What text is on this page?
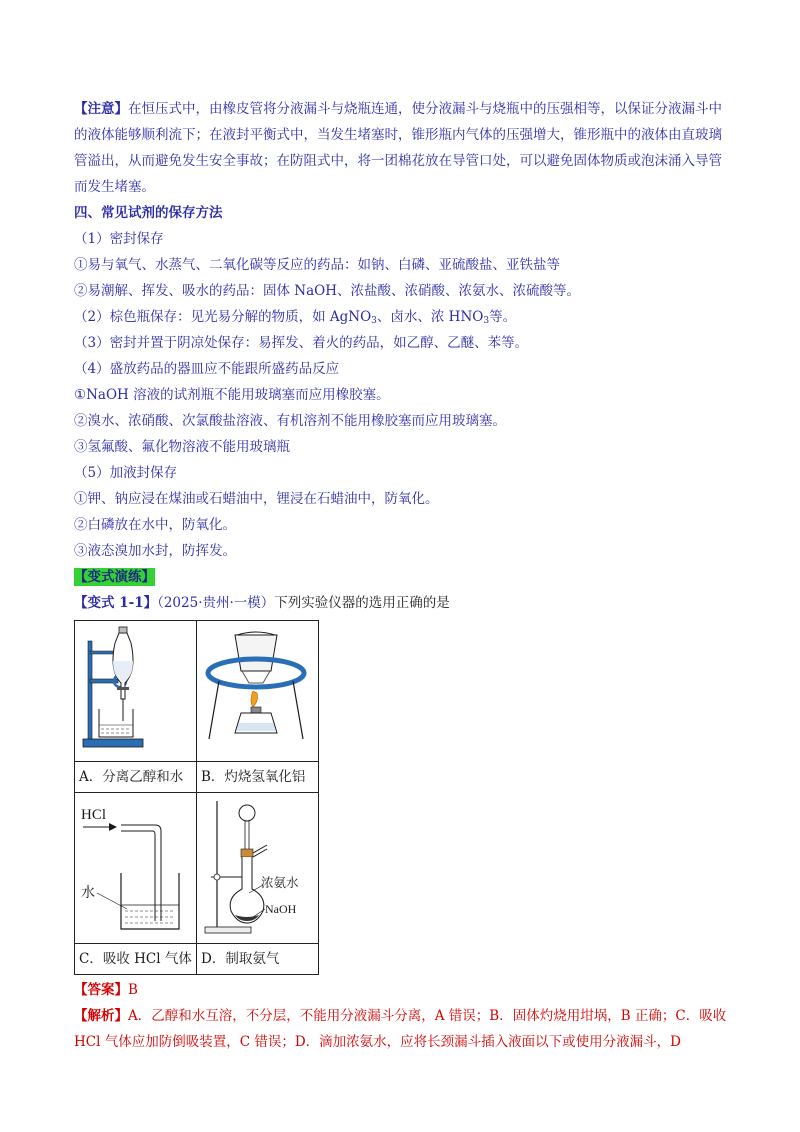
【注意】在恒压式中，由橡皮管将分液漏斗与烧瓶连通，使分液漏斗与烧瓶中的压强相等，以保证分液漏斗中的液体能够顺利流下；在液封平衡式中，当发生堵塞时，锥形瓶内气体的压强增大，锥形瓶中的液体由直玻璃管溢出，从而避免发生安全事故；在防阻式中，将一团棉花放在导管口处，可以避免固体物质或泡沫涌入导管而发生堵塞。

四、常见试剂的保存方法
（1）密封保存
①易与氧气、水蒸气、二氧化碳等反应的药品：如钠、白磷、亚硫酸盐、亚铁盐等
②易潮解、挥发、吸水的药品：固体 NaOH、浓盐酸、浓硝酸、浓氨水、浓硫酸等。
（2）棕色瓶保存：见光易分解的物质，如 AgNO$_3$、卤水、浓 $HNO_3$等。
（3）密封并置于阴凉处保存：易挥发、着火的药品，如乙醇、乙醚、苯等。
（4）盛放药品的器皿应不能跟所盛药品反应
①NaOH 溶液的试剂瓶不能用玻璃塞而应用橡胶塞。
②溴水、浓硝酸、次氯酸盐溶液、有机溶剂不能用橡胶塞而应用玻璃塞。
③氢氟酸、氟化物溶液不能用玻璃瓶
（5）加液封保存
①钾、钠应浸在煤油或石蜡油中，锂浸在石蜡油中，防氧化。
②白磷放在水中，防氧化。
③液态溴加水封，防挥发。
【变式演练】
【变式 1-1】（2025·贵州·一模）下列实验仪器的选用正确的是

A．分离乙醇和水	B．灼烧氢氧化铝

HCl
水	浓氨水
NaOH

C．吸收 HCl 气体	D．制取氨气
【答案】B

【解析】A．乙醇和水互溶，不分层，不能用分液漏斗分离，A 错误；B．固体灼烧用坩埚，B 正确；C．吸收 HCl 气体应加防倒吸装置，C 错误；D．滴加浓氨水，应将长颈漏斗插入液面以下或使用分液漏斗，D
